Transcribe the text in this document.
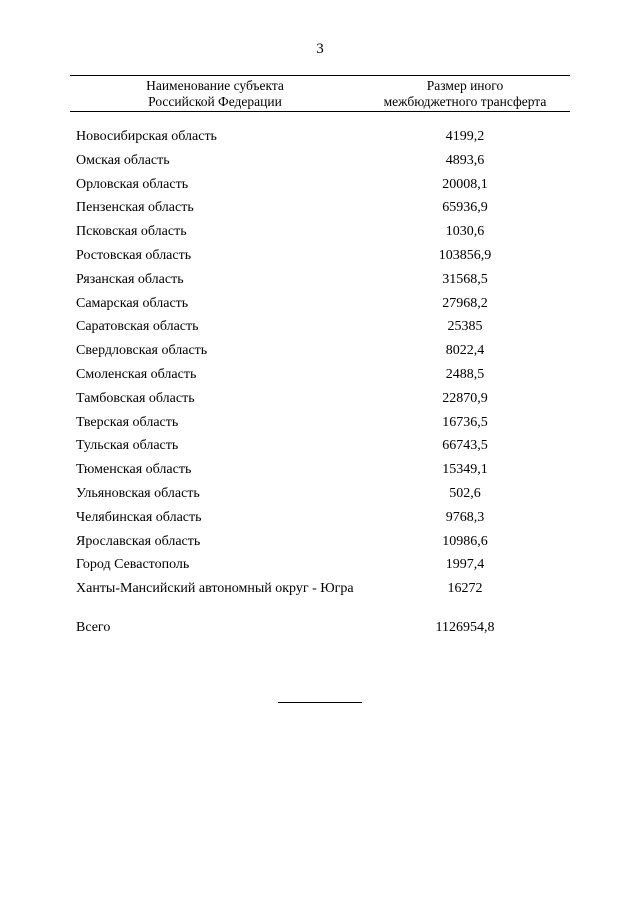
3
Наименование субъекта
Российской Федерации
Размер иного
межбюджетного трансферта
Новосибирская область	4199,2
Омская область	4893,6
Орловская область	20008,1
Пензенская область	65936,9
Псковская область	1030,6
Ростовская область	103856,9
Рязанская область	31568,5
Самарская область	27968,2
Саратовская область	25385
Свердловская область	8022,4
Смоленская область	2488,5
Тамбовская область	22870,9
Тверская область	16736,5
Тульская область	66743,5
Тюменская область	15349,1
Ульяновская область	502,6
Челябинская область	9768,3
Ярославская область	10986,6
Город Севастополь	1997,4
Ханты-Мансийский автономный округ - Югра	16272
Всего	1126954,8
